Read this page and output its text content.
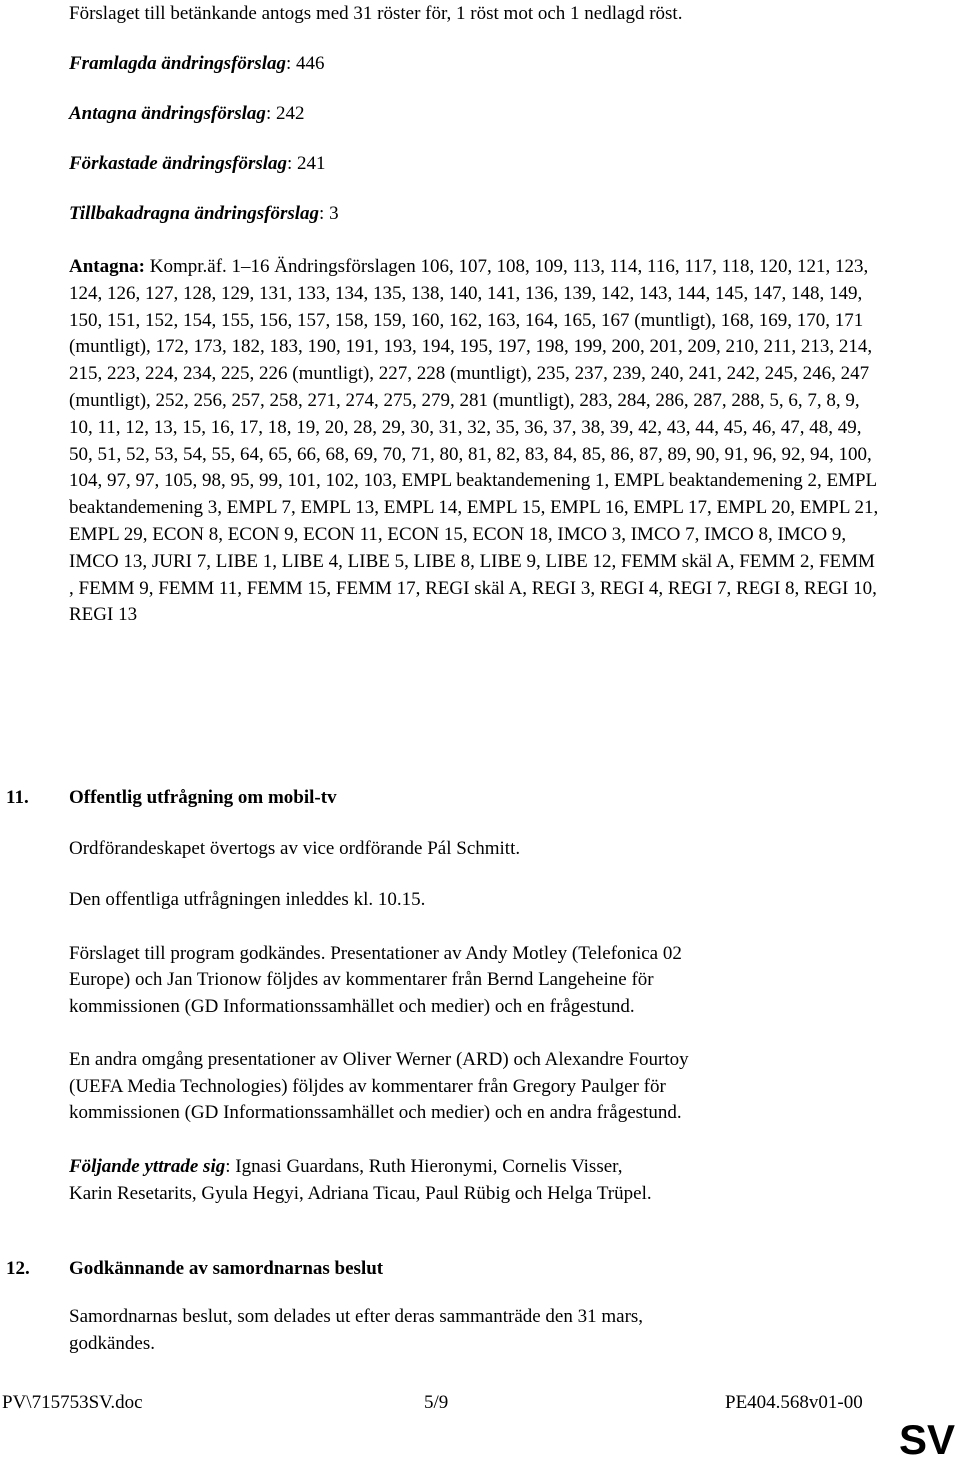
Förslaget till betänkande antogs med 31 röster för, 1 röst mot och 1 nedlagd röst.

Framlagda ändringsförslag: 446

Antagna ändringsförslag: 242

Förkastade ändringsförslag: 241

Tillbakadragna ändringsförslag: 3

Antagna: Kompr.äf. 1–16 Ändringsförslagen 106, 107, 108, 109, 113, 114, 116, 117, 118, 120, 121, 123, 124, 126, 127, 128, 129, 131, 133, 134, 135, 138, 140, 141, 136, 139, 142, 143, 144, 145, 147, 148, 149, 150, 151, 152, 154, 155, 156, 157, 158, 159, 160, 162, 163, 164, 165, 167 (muntligt), 168, 169, 170, 171 (muntligt), 172, 173, 182, 183, 190, 191, 193, 194, 195, 197, 198, 199, 200, 201, 209, 210, 211, 213, 214, 215, 223, 224, 234, 225, 226 (muntligt), 227, 228 (muntligt), 235, 237, 239, 240, 241, 242, 245, 246, 247 (muntligt), 252, 256, 257, 258, 271, 274, 275, 279, 281 (muntligt), 283, 284, 286, 287, 288, 5, 6, 7, 8, 9, 10, 11, 12, 13, 15, 16, 17, 18, 19, 20, 28, 29, 30, 31, 32, 35, 36, 37, 38, 39, 42, 43, 44, 45, 46, 47, 48, 49, 50, 51, 52, 53, 54, 55, 64, 65, 66, 68, 69, 70, 71, 80, 81, 82, 83, 84, 85, 86, 87, 89, 90, 91, 96, 92, 94, 100, 104, 97, 97, 105, 98, 95, 99, 101, 102, 103, EMPL beaktandemening 1, EMPL beaktandemening 2, EMPL beaktandemening 3, EMPL 7, EMPL 13, EMPL 14, EMPL 15, EMPL 16, EMPL 17, EMPL 20, EMPL 21, EMPL 29, ECON 8, ECON 9, ECON 11, ECON 15, ECON 18, IMCO 3, IMCO 7, IMCO 8, IMCO 9, IMCO 13, JURI 7, LIBE 1, LIBE 4, LIBE 5, LIBE 8, LIBE 9, LIBE 12, FEMM skäl A, FEMM 2, FEMM , FEMM 9, FEMM 11, FEMM 15, FEMM 17, REGI skäl A, REGI 3, REGI 4, REGI 7, REGI 8, REGI 10, REGI 13

11. Offentlig utfrågning om mobil-tv

Ordförandeskapet övertogs av vice ordförande Pál Schmitt.

Den offentliga utfrågningen inleddes kl. 10.15.

Förslaget till program godkändes. Presentationer av Andy Motley (Telefonica 02

Europe) och Jan Trionow följdes av kommentarer från Bernd Langeheine för

kommissionen (GD Informationssamhället och medier) och en frågestund.

En andra omgång presentationer av Oliver Werner (ARD) och Alexandre Fourtoy

(UEFA Media Technologies) följdes av kommentarer från Gregory Paulger för

kommissionen (GD Informationssamhället och medier) och en andra frågestund.

Följande yttrade sig: Ignasi Guardans, Ruth Hieronymi, Cornelis Visser,

Karin Resetarits, Gyula Hegyi, Adriana Ticau, Paul Rübig och Helga Trüpel.

12. Godkännande av samordnarnas beslut

Samordnarnas beslut, som delades ut efter deras sammanträde den 31 mars,

godkändes.

PV\715753SV.doc	5/9	PE404.568v01-00

SV
